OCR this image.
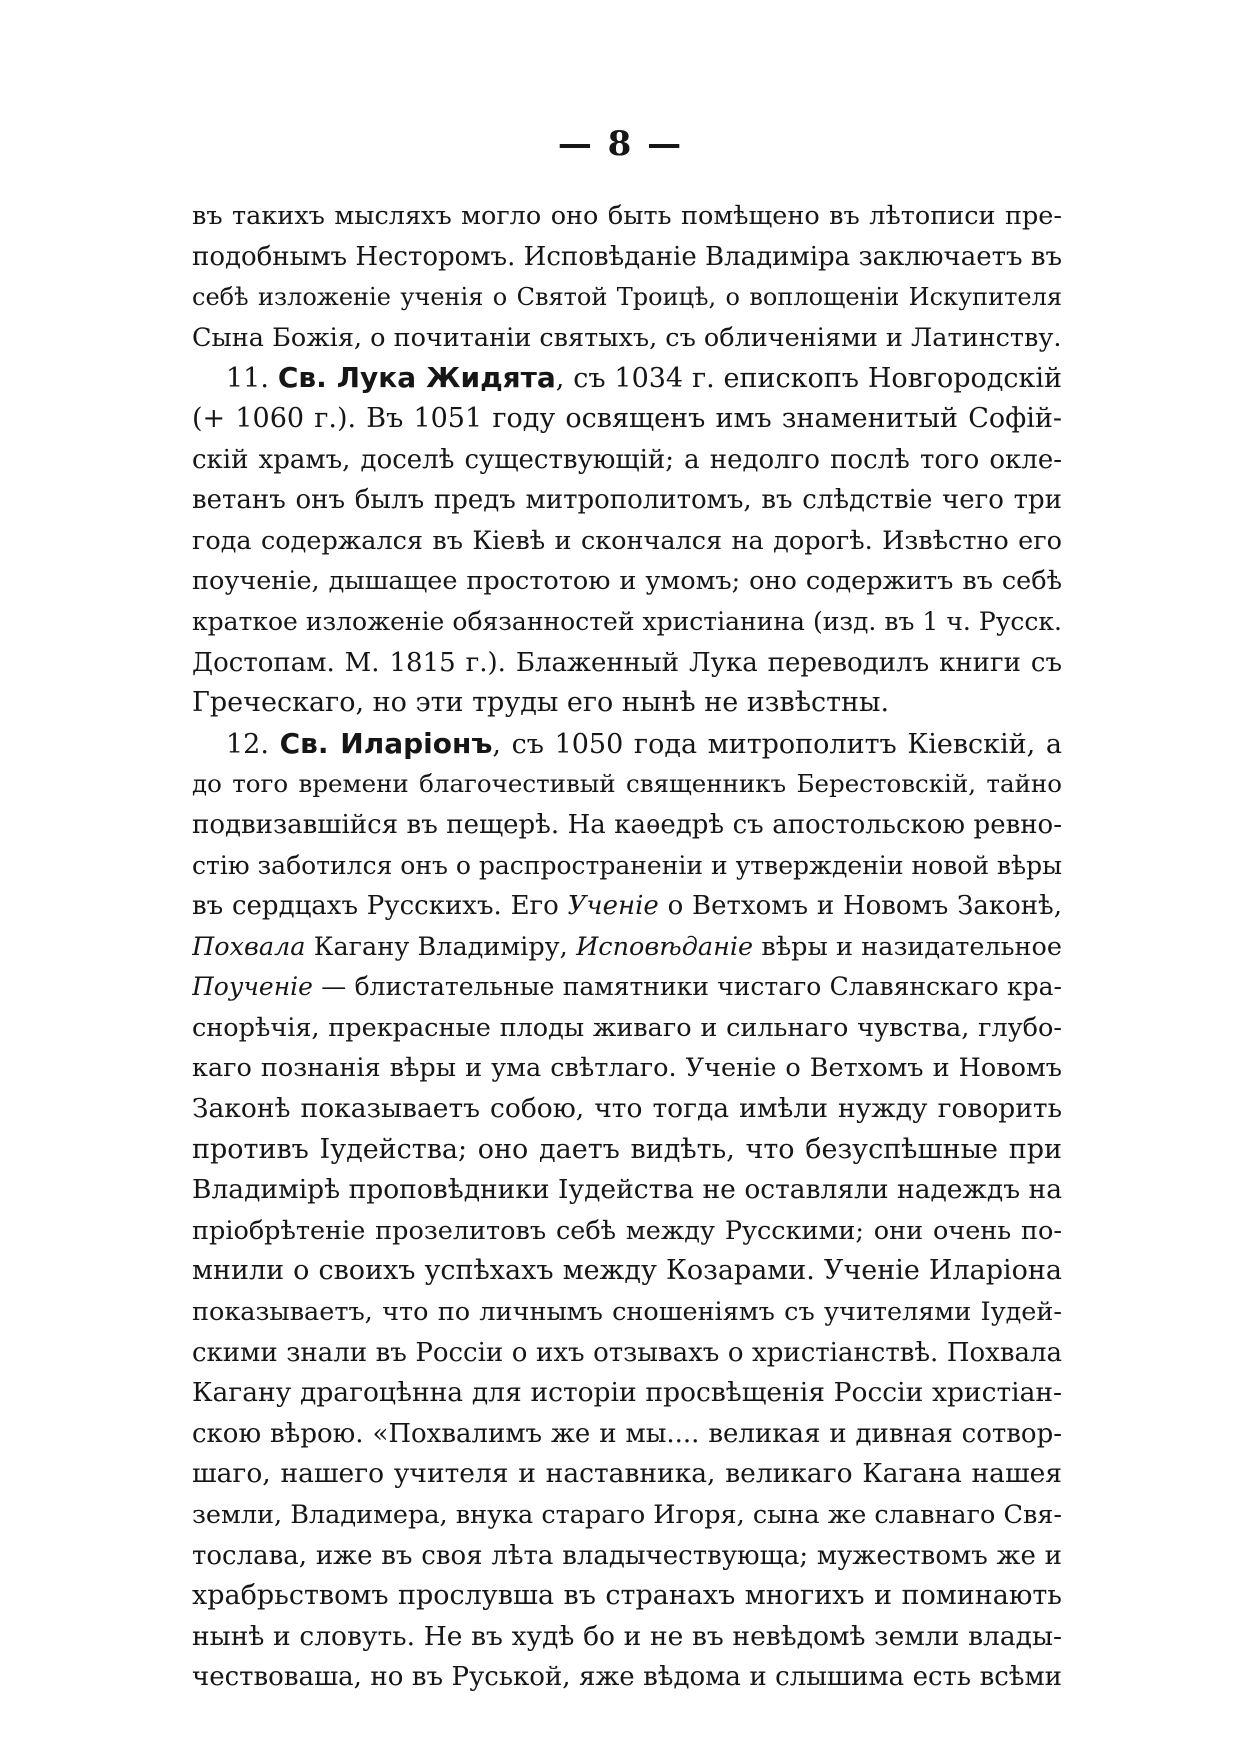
— 8 —
въ такихъ мысляхъ могло оно быть помѣщено въ лѣтописи пре-
подобнымъ Несторомъ. Исповѣданіе Владиміра заключаетъ въ
себѣ изложеніе ученія о Святой Троицѣ, о воплощеніи Искупителя
Сына Божія, о почитаніи святыхъ, съ обличеніями и Латинству.
11. Св. Лука Жидята, съ 1034 г. епископъ Новгородскій
(+ 1060 г.). Въ 1051 году освященъ имъ знаменитый Софій-
скій храмъ, доселѣ существующій; а недолго послѣ того окле-
ветанъ онъ былъ предъ митрополитомъ, въ слѣдствіе чего три
года содержался въ Кіевѣ и скончался на дорогѣ. Извѣстно его
поученіе, дышащее простотою и умомъ; оно содержитъ въ себѣ
краткое изложеніе обязанностей христіанина (изд. въ 1 ч. Русск.
Достопам. М. 1815 г.). Блаженный Лука переводилъ книги съ
Греческаго, но эти труды его нынѣ не извѣстны.
12. Св. Иларіонъ, съ 1050 года митрополитъ Кіевскій, а
до того времени благочестивый священникъ Берестовскій, тайно
подвизавшійся въ пещерѣ. На каѳедрѣ съ апостольскою ревно-
стію заботился онъ о распространеніи и утвержденіи новой вѣры
въ сердцахъ Русскихъ. Его Ученіе о Ветхомъ и Новомъ Законѣ,
Похвала Кагану Владиміру, Исповѣданіе вѣры и назидательное
Поученіе — блистательные памятники чистаго Славянскаго кра-
снорѣчія, прекрасные плоды живаго и сильнаго чувства, глубо-
каго познанія вѣры и ума свѣтлаго. Ученіе о Ветхомъ и Новомъ
Законѣ показываетъ собою, что тогда имѣли нужду говорить
противъ Іудейства; оно даетъ видѣть, что безуспѣшные при
Владимірѣ проповѣдники Іудейства не оставляли надеждъ на
пріобрѣтеніе прозелитовъ себѣ между Русскими; они очень по-
мнили о своихъ успѣхахъ между Козарами. Ученіе Иларіона
показываетъ, что по личнымъ сношеніямъ съ учителями Іудей-
скими знали въ Россіи о ихъ отзывахъ о христіанствѣ. Похвала
Кагану драгоцѣнна для исторіи просвѣщенія Россіи христіан-
скою вѣрою. «Похвалимъ же и мы.... великая и дивная сотвор-
шаго, нашего учителя и наставника, великаго Кагана нашея
земли, Владимера, внука стараго Игоря, сына же славнаго Свя-
тослава, иже въ своя лѣта владычествующа; мужествомъ же и
храбрьствомъ прослувша въ странахъ многихъ и поминають
нынѣ и словуть. Не въ худѣ бо и не въ невѣдомѣ земли влады-
чествоваша, но въ Руськой, яже вѣдома и слышима есть всѣми
